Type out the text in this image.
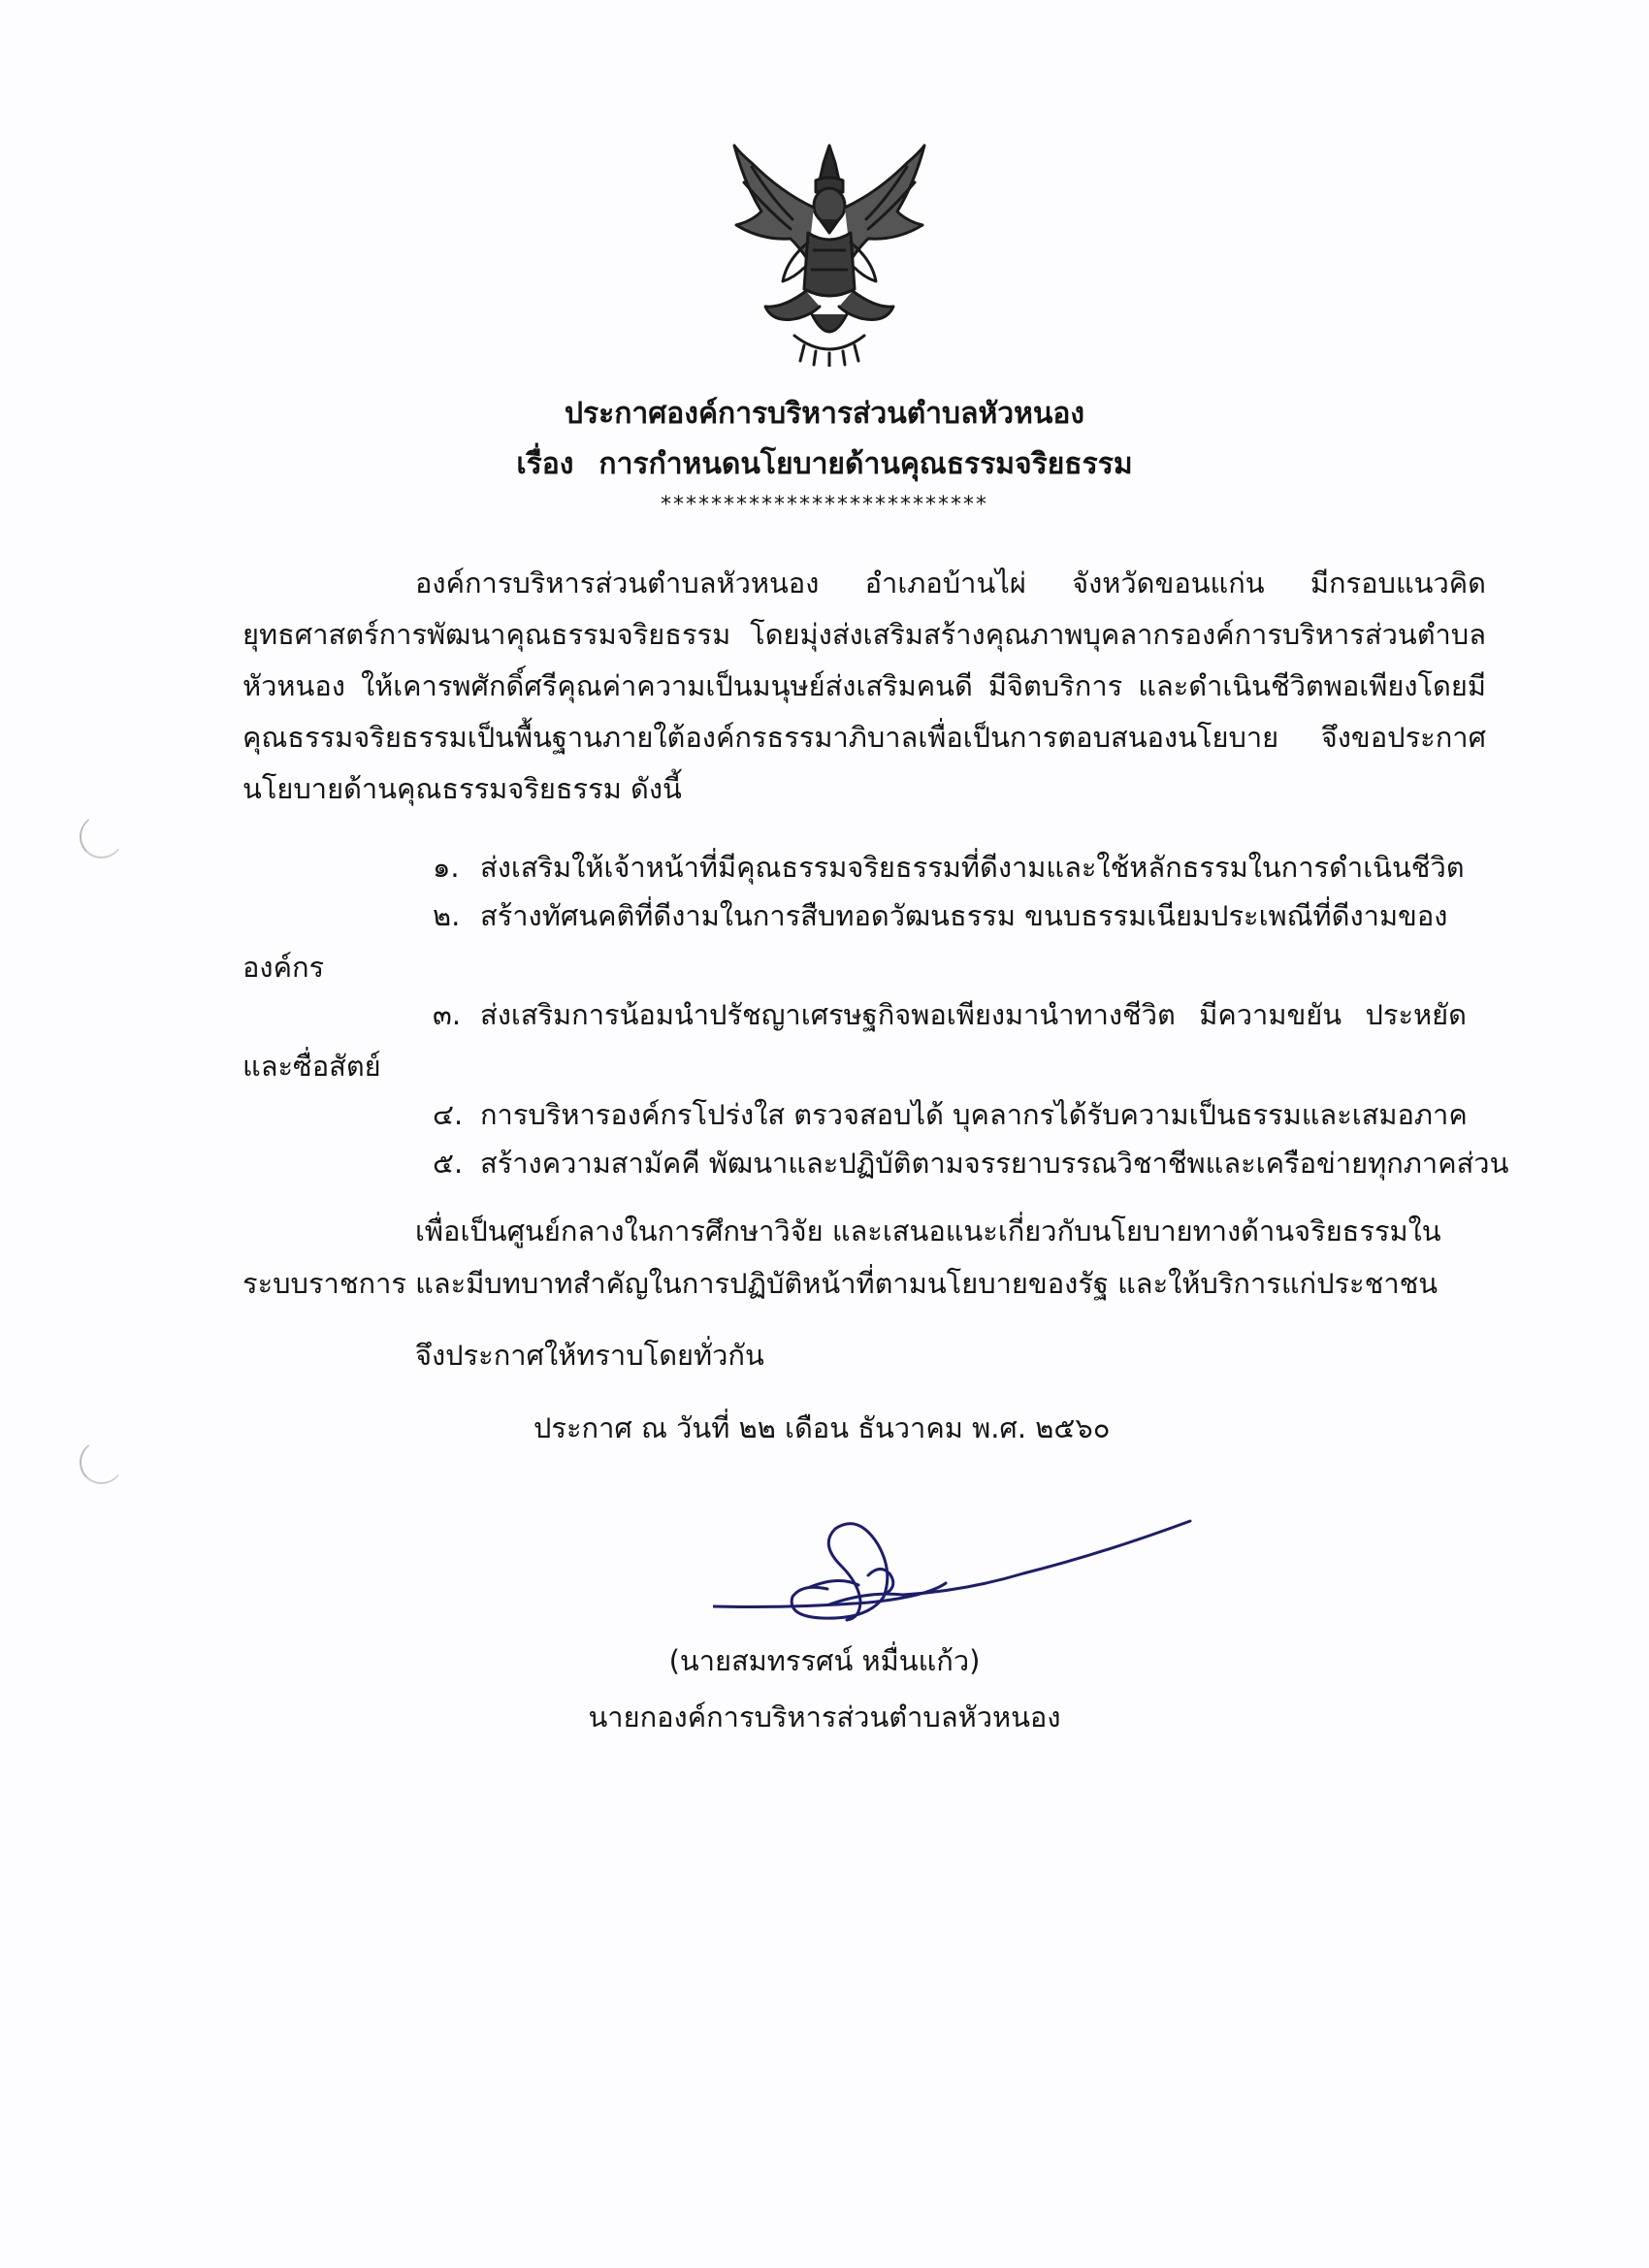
ประกาศองค์การบริหารส่วนตำบลหัวหนอง
เรื่อง การกำหนดนโยบายด้านคุณธรรมจริยธรรม
**************************
องค์การบริหารส่วนตำบลหัวหนอง อำเภอบ้านไผ่ จังหวัดขอนแก่น มีกรอบแนวคิด
ยุทธศาสตร์การพัฒนาคุณธรรมจริยธรรม โดยมุ่งส่งเสริมสร้างคุณภาพบุคลากรองค์การบริหารส่วนตำบล
หัวหนอง ให้เคารพศักดิ์ศรีคุณค่าความเป็นมนุษย์ส่งเสริมคนดี มีจิตบริการ และดำเนินชีวิตพอเพียงโดยมี
คุณธรรมจริยธรรมเป็นพื้นฐานภายใต้องค์กรธรรมาภิบาลเพื่อเป็นการตอบสนองนโยบาย จึงขอประกาศ
นโยบายด้านคุณธรรมจริยธรรม ดังนี้
๑. ส่งเสริมให้เจ้าหน้าที่มีคุณธรรมจริยธรรมที่ดีงามและใช้หลักธรรมในการดำเนินชีวิต
๒. สร้างทัศนคติที่ดีงามในการสืบทอดวัฒนธรรม ขนบธรรมเนียมประเพณีที่ดีงามของ
องค์กร
๓. ส่งเสริมการน้อมนำปรัชญาเศรษฐกิจพอเพียงมานำทางชีวิต มีความขยัน ประหยัด
และซื่อสัตย์
๔. การบริหารองค์กรโปร่งใส ตรวจสอบได้ บุคลากรได้รับความเป็นธรรมและเสมอภาค
๕. สร้างความสามัคคี พัฒนาและปฏิบัติตามจรรยาบรรณวิชาชีพและเครือข่ายทุกภาคส่วน
เพื่อเป็นศูนย์กลางในการศึกษาวิจัย และเสนอแนะเกี่ยวกับนโยบายทางด้านจริยธรรมใน
ระบบราชการ และมีบทบาทสำคัญในการปฏิบัติหน้าที่ตามนโยบายของรัฐ และให้บริการแก่ประชาชน
จึงประกาศให้ทราบโดยทั่วกัน
ประกาศ ณ วันที่ ๒๒ เดือน ธันวาคม พ.ศ. ๒๕๖๐
(นายสมทรรศน์ หมื่นแก้ว)
นายกองค์การบริหารส่วนตำบลหัวหนอง
